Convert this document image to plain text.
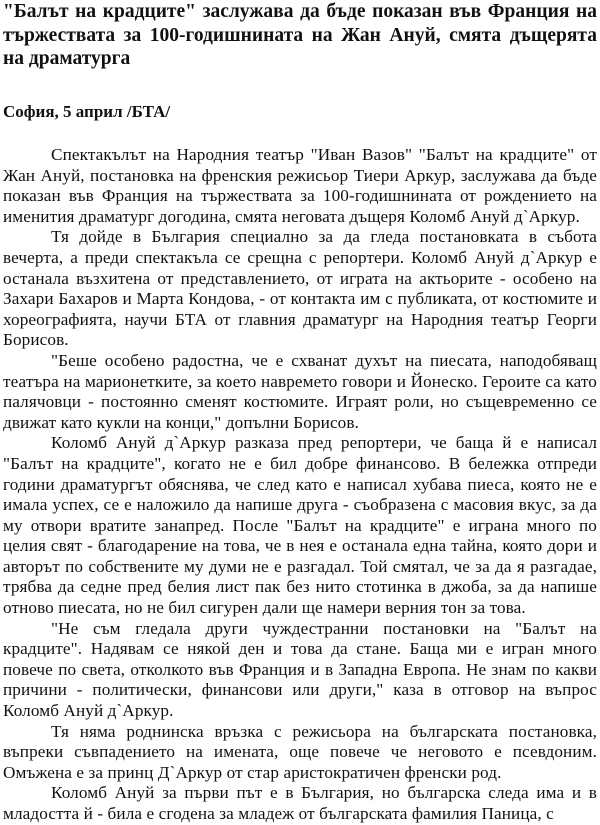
"Балът на крадците" заслужава да бъде показан във Франция на тържествата за 100-годишнината на Жан Ануй, смята дъщерята на драматурга

София, 5 април /БТА/

Спектакълът на Народния театър "Иван Вазов" "Балът на крадците" от Жан Ануй, постановка на френския режисьор Тиери Аркур, заслужава да бъде показан във Франция на тържествата за 100-годишнината от рождението на именития драматург догодина, смята неговата дъщеря Коломб Ануй д`Аркур.

Тя дойде в България специално за да гледа постановката в събота вечерта, а преди спектакъла се срещна с репортери. Коломб Ануй д`Аркур е останала възхитена от представлението, от играта на актьорите - особено на Захари Бахаров и Марта Кондова, - от контакта им с публиката, от костюмите и хореографията, научи БТА от главния драматург на Народния театър Георги Борисов.

"Беше особено радостна, че е схванат духът на пиесата, наподобяващ театъра на марионетките, за което навремето говори и Йонеско. Героите са като палячовци - постоянно сменят костюмите. Играят роли, но същевременно се движат като кукли на конци," допълни Борисов.

Коломб Ануй д`Аркур разказа пред репортери, че баща й е написал "Балът на крадците", когато не е бил добре финансово. В бележка отпреди години драматургът обяснява, че след като е написал хубава пиеса, която не е имала успех, се е наложило да напише друга - съобразена с масовия вкус, за да му отвори вратите занапред. После "Балът на крадците" е играна много по целия свят - благодарение на това, че в нея е останала една тайна, която дори и авторът по собствените му думи не е разгадал. Той смятал, че за да я разгадае, трябва да седне пред белия лист пак без нито стотинка в джоба, за да напише отново пиесата, но не бил сигурен дали ще намери верния тон за това.

"Не съм гледала други чуждестранни постановки на "Балът на крадците". Надявам се някой ден и това да стане. Баща ми е игран много повече по света, отколкото във Франция и в Западна Европа. Не знам по какви причини - политически, финансови или други," каза в отговор на въпрос Коломб Ануй д`Аркур.

Тя няма роднинска връзка с режисьора на българската постановка, въпреки съвпадението на имената, още повече че неговото е псевдоним. Омъжена е за принц Д`Аркур от стар аристократичен френски род.

Коломб Ануй за първи път е в България, но българска следа има и в младостта й - била е сгодена за младеж от българската фамилия Паница, с
